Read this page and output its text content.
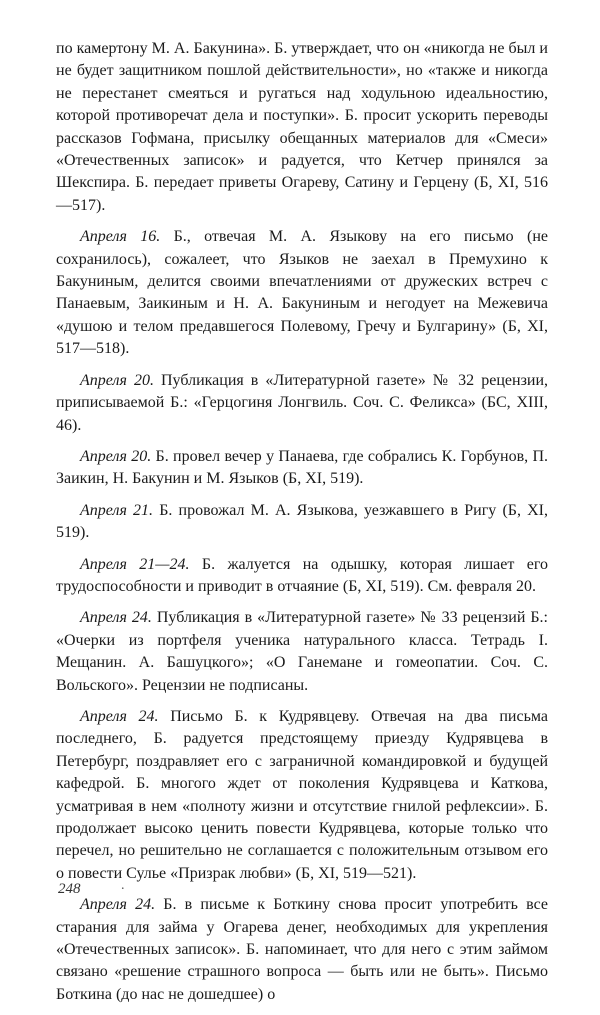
по камертону М. А. Бакунина». Б. утверждает, что он «никогда не был и не будет защитником пошлой действительности», но «также и никогда не перестанет смеяться и ругаться над ходульною идеальностию, которой противоречат дела и поступки». Б. просит ускорить переводы рассказов Гофмана, присылку обещанных материалов для «Смеси» «Отечественных записок» и радуется, что Кетчер принялся за Шекспира. Б. передает приветы Огареву, Сатину и Герцену (Б, XI, 516—517).

Апреля 16. Б., отвечая М. А. Языкову на его письмо (не сохранилось), сожалеет, что Языков не заехал в Премухино к Бакуниным, делится своими впечатлениями от дружеских встреч с Панаевым, Заикиным и Н. А. Бакуниным и негодует на Межевича «душою и телом предавшегося Полевому, Гречу и Булгарину» (Б, XI, 517—518).

Апреля 20. Публикация в «Литературной газете» № 32 рецензии, приписываемой Б.: «Герцогиня Лонгвиль. Соч. С. Феликса» (БС, XIII, 46).

Апреля 20. Б. провел вечер у Панаева, где собрались К. Горбунов, П. Заикин, Н. Бакунин и М. Языков (Б, XI, 519).

Апреля 21. Б. провожал М. А. Языкова, уезжавшего в Ригу (Б, XI, 519).

Апреля 21—24. Б. жалуется на одышку, которая лишает его трудоспособности и приводит в отчаяние (Б, XI, 519). См. февраля 20.

Апреля 24. Публикация в «Литературной газете» № 33 рецензий Б.: «Очерки из портфеля ученика натурального класса. Тетрадь I. Мещанин. А. Башуцкого»; «О Ганемане и гомеопатии. Соч. С. Вольского». Рецензии не подписаны.

Апреля 24. Письмо Б. к Кудрявцеву. Отвечая на два письма последнего, Б. радуется предстоящему приезду Кудрявцева в Петербург, поздравляет его с заграничной командировкой и будущей кафедрой. Б. многого ждет от поколения Кудрявцева и Каткова, усматривая в нем «полноту жизни и отсутствие гнилой рефлексии». Б. продолжает высоко ценить повести Кудрявцева, которые только что перечел, но решительно не соглашается с положительным отзывом его о повести Сулье «Призрак любви» (Б, XI, 519—521).

Апреля 24. Б. в письме к Боткину снова просит употребить все старания для займа у Огарева денег, необходимых для укрепления «Отечественных записок». Б. напоминает, что для него с этим займом связано «решение страшного вопроса — быть или не быть». Письмо Боткина (до нас не дошедшее) о

248	.
